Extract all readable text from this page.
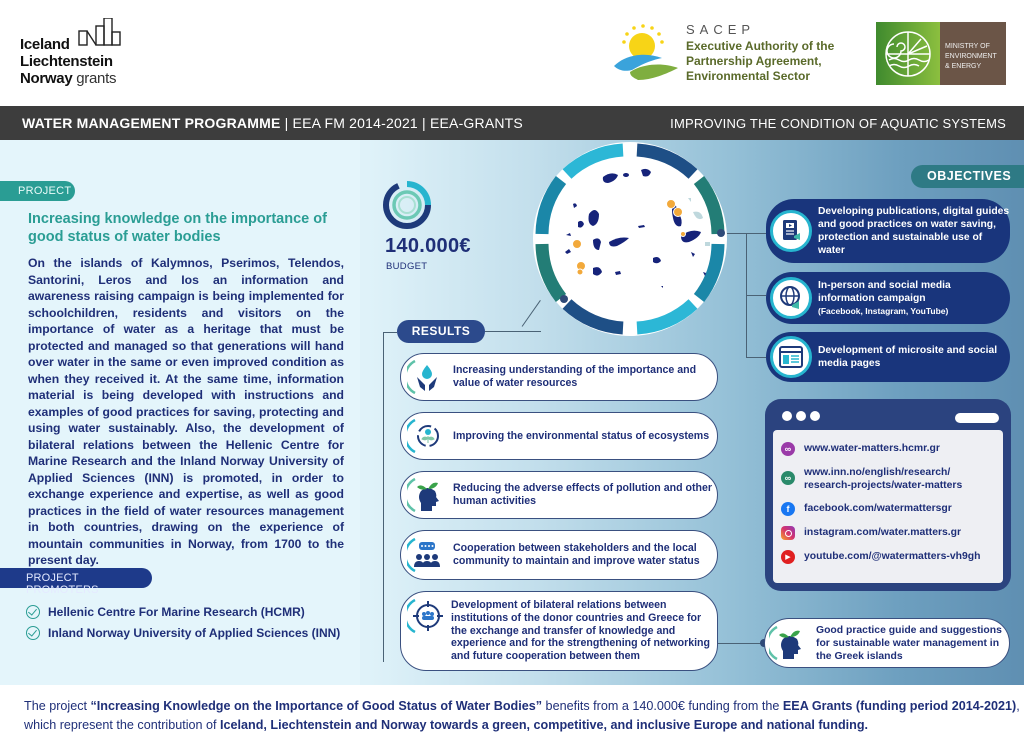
Iceland
Liechtenstein
Norway grants
SACEP
Executive Authority of the Partnership Agreement, Environmental Sector
MINISTRY OF
ENVIRONMENT
& ENERGY
WATER MANAGEMENT PROGRAMME | EEA FM 2014-2021 | EEA-GRANTS	IMPROVING THE CONDITION OF AQUATIC SYSTEMS
PROJECT
Increasing knowledge on the importance of good status of water bodies

On the islands of Kalymnos, Pserimos, Telendos, Santorini, Leros and Ios an information and awareness raising campaign is being implemented for schoolchildren, residents and visitors on the importance of water as a heritage that must be protected and managed so that generations will hand over water in the same or even improved condition as when they received it. At the same time, information material is being developed with instructions and examples of good practices for saving, protecting and using water sustainably. Also, the development of bilateral relations between the Hellenic Centre for Marine Research and the Inland Norway University of Applied Sciences (INN) is promoted, in order to exchange experience and expertise, as well as good practices in the field of water resources management in both countries, drawing on the experience of mountain communities in Norway, from 1700 to the present day.

PROJECT PROMOTERS
Hellenic Centre For Marine Research (HCMR)
Inland Norway University of Applied Sciences (INN)
140.000€
BUDGET
RESULTS
Increasing understanding of the importance and value of water resources
Improving the environmental status of ecosystems
Reducing the adverse effects of pollution and other human activities
Cooperation between stakeholders and the local community to maintain and improve water status
Development of bilateral relations between institutions of the donor countries and Greece for the exchange and transfer of knowledge and experience and for the strengthening of networking and future cooperation between them
OBJECTIVES
Developing publications, digital guides and good practices on water saving, protection and sustainable use of water
In-person and social media information campaign
(Facebook, Instagram, YouTube)
Development of microsite and social media pages
∞	www.water-matters.hcmr.gr
∞	www.inn.no/english/research/ research-projects/water-matters
f	facebook.com/watermattersgr
instagram.com/water.matters.gr
▶	youtube.com/@watermatters-vh9gh
Good practice guide and suggestions for sustainable water management in the Greek islands
The project “Increasing Knowledge on the Importance of Good Status of Water Bodies” benefits from a 140.000€ funding from the EEA Grants (funding period 2014-2021),
which represent the contribution of Iceland, Liechtenstein and Norway towards a green, competitive, and inclusive Europe and national funding.
